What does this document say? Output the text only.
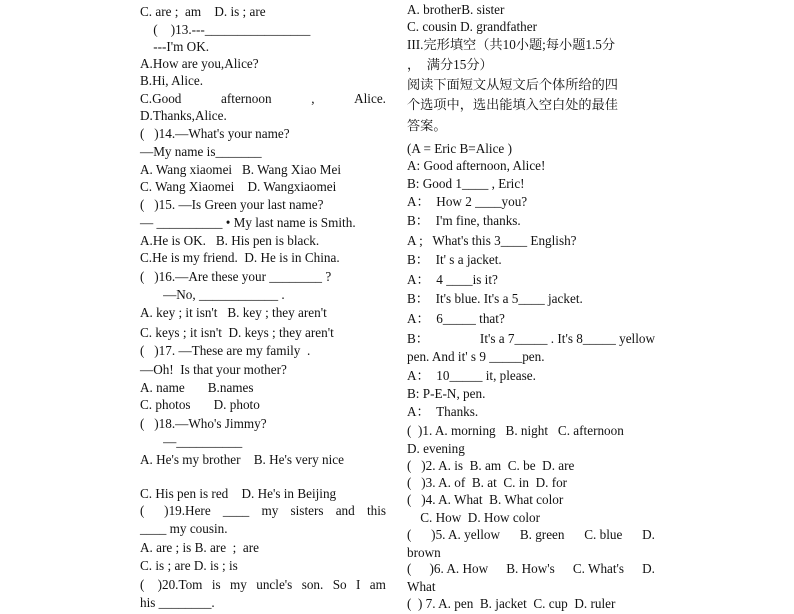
C. are ;  am    D. is ; are
(    )13.---________________
---I'm OK.
A.How are you,Alice?
B.Hi, Alice.
C.Good	afternoon	,	Alice.
D.Thanks,Alice.
(   )14.—What's your name?
—My name is_______
A. Wang xiaomei   B. Wang Xiao Mei
C. Wang Xiaomei    D. Wangxiaomei
(   )15. —Is Green your last name?
— __________ • My last name is Smith.
A.He is OK.   B. His pen is black.
C.He is my friend.  D. He is in China.
(   )16.—Are these your ________ ?
—No, ____________ .
A. key ; it isn't   B. key ; they aren't
C. keys ; it isn't  D. keys ; they aren't
(   )17. —These are my family  .
—Oh!  Is that your mother?
A. name       B.names
C. photos       D. photo
(   )18.—Who's Jimmy?
—__________
A. He's my brother    B. He's very nice
C. His pen is red    D. He's in Beijing
(      )19.Here ____ my sisters and this
____ my cousin.
A. are ; is B. are  ;  are
C. is ; are D. is ; is
(    )20.Tom is my uncle's son. So I am
his ________.
A. brotherB. sister
C. cousin D. grandfather
III.完形填空（共10小题;每小题1.5分
，  满分15分）
阅读下面短文从短文后个体所给的四
个选项中，选出能填入空白处的最佳
答案。
(A = Eric B=Alice )
A: Good afternoon, Alice!
B: Good 1____ , Eric!
A：  How 2 ____you?
B：  I'm fine, thanks.
A ;   What's this 3____ English?
B：  It' s a jacket.
A：  4 ____is it?
B：  It's blue. It's a 5____ jacket.
A：  6_____ that?
B：	It's a 7_____ . It's 8_____ yellow
pen. And it' s 9 _____pen.
A：  10_____ it, please.
B: P-E-N, pen.
A：  Thanks.
(  )1. A. morning   B. night   C. afternoon
D. evening
(   )2. A. is  B. am  C. be  D. are
(   )3. A. of  B. at  C. in  D. for
(   )4. A. What  B. What color
C. How  D. How color
( )5. A. yellow B. green C. blue D.
brown
( )6. A. How B. How's C. What's D.
What
(  ) 7. A. pen  B. jacket  C. cup  D. ruler
